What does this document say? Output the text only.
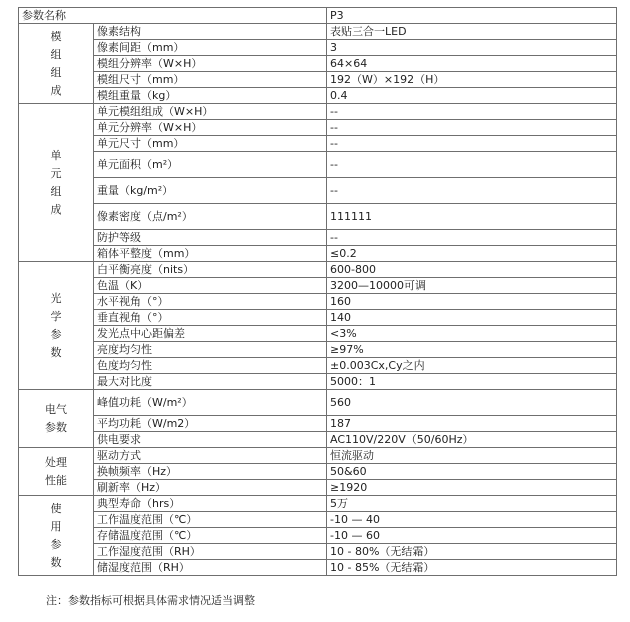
参数名称		P3
模组组成	像素结构	表贴三合一LED
	像素间距（mm）	3
	模组分辨率（W×H）	64×64
	模组尺寸（mm）	192（W）×192（H）
	模组重量（kg）	0.4
单元组成	单元模组组成（W×H）	--
	单元分辨率（W×H）	--
	单元尺寸（mm）	--
	单元面积（m²）	--
	重量（kg/m²）	--
	像素密度（点/m²）	111111
	防护等级	--
	箱体平整度（mm）	≤0.2
光学参数	白平衡亮度（nits）	600-800
	色温（K）	3200—10000可调
	水平视角（°）	160
	垂直视角（°）	140
	发光点中心距偏差	<3%
	亮度均匀性	≥97%
	色度均匀性	±0.003Cx,Cy之内
	最大对比度	5000：1
电气参数	峰值功耗（W/m²）	560
	平均功耗（W/m2）	187
	供电要求	AC110V/220V（50/60Hz）
处理性能	驱动方式	恒流驱动
	换帧频率（Hz）	50&60
	刷新率（Hz）	≥1920
使用参数	典型寿命（hrs）	5万
	工作温度范围（℃）	-10 — 40
	存储温度范围（℃）	-10 — 60
	工作湿度范围（RH）	10 - 80%（无结霜）
	储湿度范围（RH）	10 - 85%（无结霜）
注：参数指标可根据具体需求情况适当调整
